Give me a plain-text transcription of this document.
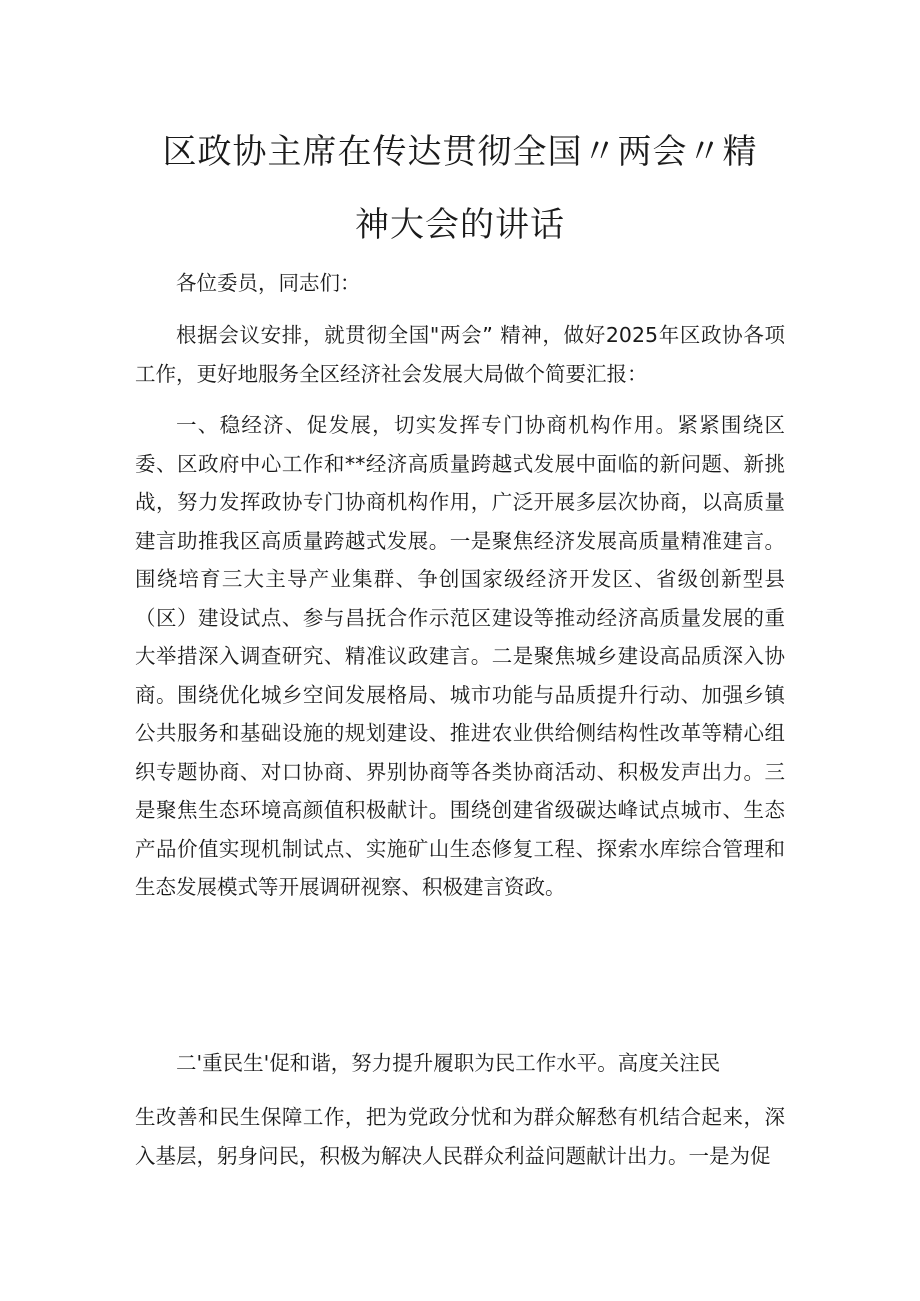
区政协主席在传达贯彻全国〃两会〃精
神大会的讲话

各位委员，同志们：

根据会议安排，就贯彻全国"两会” 精神，做好2025年区政协各项工作，更好地服务全区经济社会发展大局做个简要汇报：

一、稳经济、促发展，切实发挥专门协商机构作用。紧紧围绕区委、区政府中心工作和**经济高质量跨越式发展中面临的新问题、新挑战，努力发挥政协专门协商机构作用，广泛开展多层次协商，以高质量建言助推我区高质量跨越式发展。一是聚焦经济发展高质量精准建言。围绕培育三大主导产业集群、争创国家级经济开发区、省级创新型县（区）建设试点、参与昌抚合作示范区建设等推动经济高质量发展的重大举措深入调查研究、精准议政建言。二是聚焦城乡建设高品质深入协商。围绕优化城乡空间发展格局、城市功能与品质提升行动、加强乡镇公共服务和基础设施的规划建设、推进农业供给侧结构性改革等精心组织专题协商、对口协商、界别协商等各类协商活动、积极发声出力。三是聚焦生态环境高颜值积极献计。围绕创建省级碳达峰试点城市、生态产品价值实现机制试点、实施矿山生态修复工程、探索水库综合管理和生态发展模式等开展调研视察、积极建言资政。

二'重民生'促和谐，努力提升履职为民工作水平。高度关注民

生改善和民生保障工作，把为党政分忧和为群众解愁有机结合起来，深入基层，躬身问民，积极为解决人民群众利益问题献计出力。一是为促
